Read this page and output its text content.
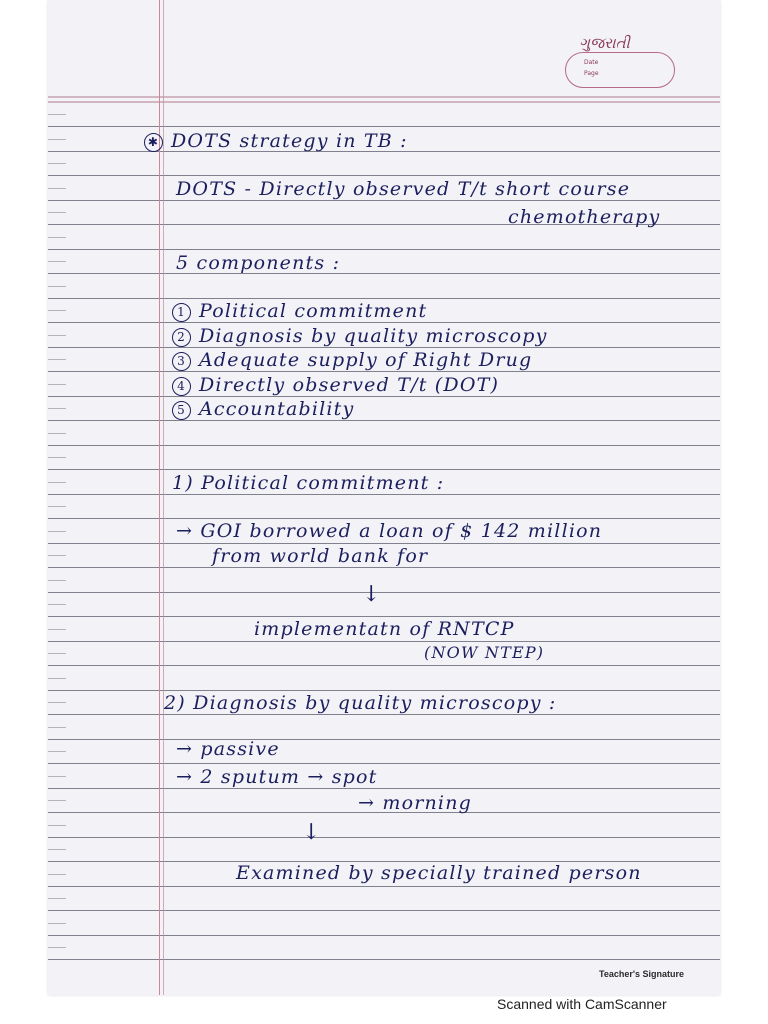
ગુજરાતી
Date
Page
✱ DOTS strategy in TB :
DOTS - Directly observed T/t short course
chemotherapy
5 components :
1 Political commitment
2 Diagnosis by quality microscopy
3 Adequate supply of Right Drug
4 Directly observed T/t (DOT)
5 Accountability
1) Political commitment :
→ GOI borrowed a loan of $ 142 million
from world bank for
↓
implementatn of RNTCP
(NOW NTEP)
2) Diagnosis by quality microscopy :
→ passive
→ 2 sputum → spot
→ morning
↓
Examined by specially trained person
Teacher's Signature
Scanned with CamScanner
